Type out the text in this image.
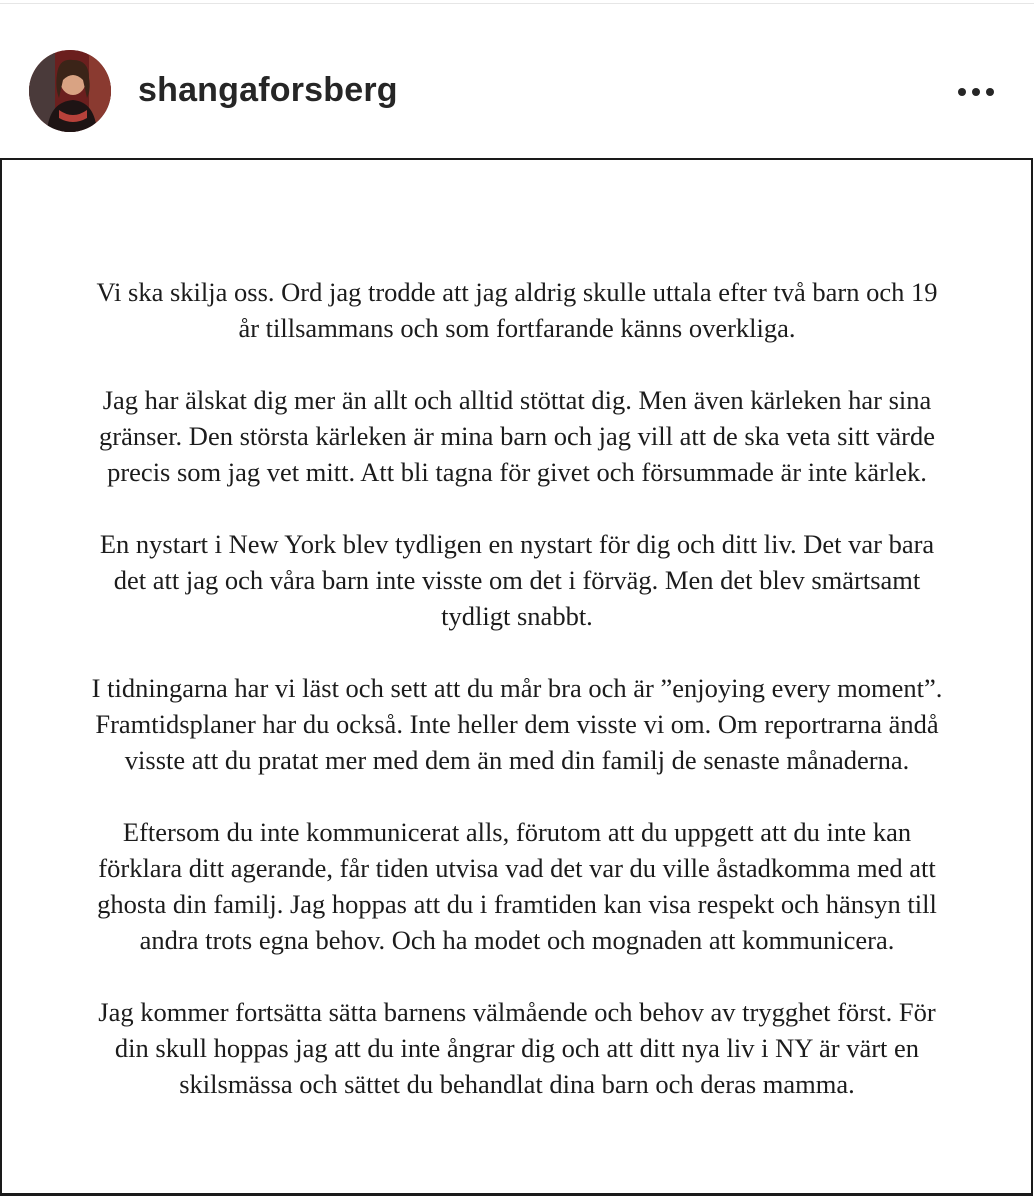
shangaforsberg

Vi ska skilja oss. Ord jag trodde att jag aldrig skulle uttala efter två barn och 19
år tillsammans och som fortfarande känns overkliga.

Jag har älskat dig mer än allt och alltid stöttat dig. Men även kärleken har sina
gränser. Den största kärleken är mina barn och jag vill att de ska veta sitt värde
precis som jag vet mitt. Att bli tagna för givet och försummade är inte kärlek.

En nystart i New York blev tydligen en nystart för dig och ditt liv. Det var bara
det att jag och våra barn inte visste om det i förväg. Men det blev smärtsamt
tydligt snabbt.

I tidningarna har vi läst och sett att du mår bra och är ”enjoying every moment”.
Framtidsplaner har du också. Inte heller dem visste vi om. Om reportrarna ändå
visste att du pratat mer med dem än med din familj de senaste månaderna.

Eftersom du inte kommunicerat alls, förutom att du uppgett att du inte kan
förklara ditt agerande, får tiden utvisa vad det var du ville åstadkomma med att
ghosta din familj. Jag hoppas att du i framtiden kan visa respekt och hänsyn till
andra trots egna behov. Och ha modet och mognaden att kommunicera.

Jag kommer fortsätta sätta barnens välmående och behov av trygghet först. För
din skull hoppas jag att du inte ångrar dig och att ditt nya liv i NY är värt en
skilsmässa och sättet du behandlat dina barn och deras mamma.
